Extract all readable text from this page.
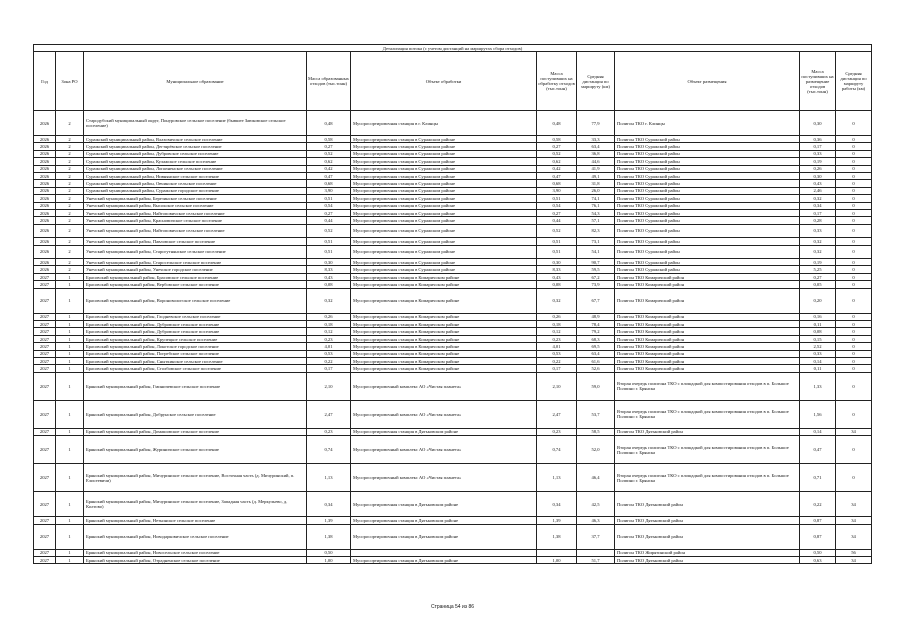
Детализация потока (с учетом дистанций на маршрутах сбора отходов)									
Год	Зона РО	Муниципальное образование	Масса образованных отходов (тыс.тонн)	Объект обработки	Масса поступивших на обработку отходов (тыс.тонн)	Средняя дистанция по маршруту (км)	Объект размещения	Масса поступивших на размещение отходов (тыс.тонн)	Средняя дистанция по маршруту работы (км)
2026	2	Стародубский муниципальный округ, Понуровское сельское поселение (бывшее Заюковское сельское поселение)	0,48	Мусоросортировочная станция в г. Клинцы	0,48	77,9	Полигон ТКО г. Клинцы	0,30	0
2026	2	Суражский муниципальный район, Влазовичское сельское поселение	0,58	Мусоросортировочная станция в Суражском районе	0,58	33,3	Полигон ТКО Суражский район	0,36	0
2026	2	Суражский муниципальный район, Дегтярёвское сельское поселение	0,27	Мусоросортировочная станция в Суражском районе	0,27	63,4	Полигон ТКО Суражский район	0,17	0
2026	2	Суражский муниципальный район, Дубровское сельское поселение	0,52	Мусоросортировочная станция в Суражском районе	0,52	36,8	Полигон ТКО Суражский район	0,33	0
2026	2	Суражский муниципальный район, Кулажское сельское поселение	0,62	Мусоросортировочная станция в Суражском районе	0,62	44,6	Полигон ТКО Суражский район	0,19	0
2026	2	Суражский муниципальный район, Лопазненское сельское поселение	0,42	Мусоросортировочная станция в Суражском районе	0,42	41,9	Полигон ТКО Суражский район	0,26	0
2026	2	Суражский муниципальный район, Нивнянское сельское поселение	0,47	Мусоросортировочная станция в Суражском районе	0,47	49,1	Полигон ТКО Суражский район	0,30	0
2026	2	Суражский муниципальный район, Овчинское сельское поселение	0,68	Мусоросортировочная станция в Суражском районе	0,68	31,8	Полигон ТКО Суражский район	0,43	0
2026	2	Суражский муниципальный район, Суражское городское поселение	3,90	Мусоросортировочная станция в Суражском районе	3,90	26,0	Полигон ТКО Суражский район	2,46	0
2026	2	Унечский муниципальный район, Березинское сельское поселение	0,51	Мусоросортировочная станция в Суражском районе	0,51	74,1	Полигон ТКО Суражский район	0,32	0
2026	2	Унечский муниципальный район, Высокское сельское поселение	0,54	Мусоросортировочная станция в Суражском районе	0,54	76,1	Полигон ТКО Суражский район	0,34	0
2026	2	Унечский муниципальный район, Найтоповичское сельское поселение	0,27	Мусоросортировочная станция в Суражском районе	0,27	54,3	Полигон ТКО Суражский район	0,17	0
2026	2	Унечский муниципальный район, Красновичское сельское поселение	0,44	Мусоросортировочная станция в Суражском районе	0,44	57,1	Полигон ТКО Суражский район	0,28	0
2026	2	Унечский муниципальный район, Найтоповичское сельское поселение	0,52	Мусоросортировочная станция в Суражском районе	0,52	82,3	Полигон ТКО Суражский район	0,33	0
2026	2	Унечский муниципальный район, Павловское сельское поселение	0,51	Мусоросортировочная станция в Суражском районе	0,51	73,1	Полигон ТКО Суражский район	0,32	0
2026	2	Унечский муниципальный район, Старогутнянское сельское поселение	0,51	Мусоросортировочная станция в Суражском районе	0,51	54,1	Полигон ТКО Суражский район	0,32	0
2026	2	Унечский муниципальный район, Старосельское сельское поселение	0,30	Мусоросортировочная станция в Суражском районе	0,30	90,7	Полигон ТКО Суражский район	0,19	0
2026	2	Унечский муниципальный район, Унечское городское поселение	8,33	Мусоросортировочная станция в Суражском районе	8,33	59,5	Полигон ТКО Суражский район	5,25	0
2027	1	Брасовский муниципальный район, Брасовское сельское поселение	0,43	Мусоросортировочная станция в Комаричском районе	0,43	67,2	Полигон ТКО Комаричский район	0,27	0
2027	1	Брасовский муниципальный район, Вербовское сельское поселение	0,08	Мусоросортировочная станция в Комаричском районе	0,08	73,9	Полигон ТКО Комаричский район	0,05	0
2027	1	Брасовский муниципальный район, Вороновологское сельское поселение	0,32	Мусоросортировочная станция в Комаричском районе	0,32	67,7	Полигон ТКО Комаричский район	0,20	0
2027	1	Брасовский муниципальный район, Глодневское сельское поселение	0,26	Мусоросортировочная станция в Комаричском районе	0,26	48,9	Полигон ТКО Комаричский район	0,16	0
2027	1	Брасовский муниципальный район, Дубровское сельское поселение	0,18	Мусоросортировочная станция в Комаричском районе	0,18	78,4	Полигон ТКО Комаричский район	0,11	0
2027	1	Брасовский муниципальный район, Дубровское сельское поселение	0,12	Мусоросортировочная станция в Комаричском районе	0,12	79,2	Полигон ТКО Комаричский район	0,08	0
2027	1	Брасовский муниципальный район, Крупецкое сельское поселение	0,23	Мусоросортировочная станция в Комаричском районе	0,23	68,3	Полигон ТКО Комаричский район	0,15	0
2027	1	Брасовский муниципальный район, Локотское городское поселение	4,01	Мусоросортировочная станция в Комаричском районе	4,01	69,5	Полигон ТКО Комаричский район	2,52	0
2027	1	Брасовский муниципальный район, Погребское сельское поселение	0,53	Мусоросортировочная станция в Комаричском районе	0,53	63,4	Полигон ТКО Комаричский район	0,33	0
2027	1	Брасовский муниципальный район, Сныткинское сельское поселение	0,22	Мусоросортировочная станция в Комаричском районе	0,22	61,6	Полигон ТКО Комаричский район	0,14	0
2027	1	Брасовский муниципальный район, Столбовское сельское поселение	0,17	Мусоросортировочная станция в Комаричском районе	0,17	52,6	Полигон ТКО Комаричский район	0,11	0
2027	1	Брянский муниципальный район, Гминичевское сельское поселение	2,10	Мусоросортировочный комплекс АО «Чистая планета»	2,10	59,0	Вторая очередь полигона ТКО с площадкой для компостирования отходов в п. Большое Полпино г. Брянска	1,33	0
2027	1	Брянский муниципальный район, Добрунское сельское поселение	2,47	Мусоросортировочный комплекс АО «Чистая планета»	2,47	53,7	Вторая очередь полигона ТКО с площадкой для компостирования отходов в п. Большое Полпино г. Брянска	1,56	0
2027	1	Брянский муниципальный район, Домашовское сельское поселение	0,23	Мусоросортировочная станция в Дятьковском районе	0,23	58,5	Полигон ТКО Дятьковский район	0,14	34
2027	1	Брянский муниципальный район, Журиничское сельское поселение	0,74	Мусоросортировочный комплекс АО «Чистая планета»	0,74	52,0	Вторая очередь полигона ТКО с площадкой для компостирования отходов в п. Большое Полпино г. Брянска	0,47	0
2027	1	Брянский муниципальный район, Мичуринское сельское поселение, Восточная часть (д. Мичуринский, п. Елисеевичи)	1,13	Мусоросортировочный комплекс АО «Чистая планета»	1,13	46,4	Вторая очередь полигона ТКО с площадкой для компостирования отходов в п. Большое Полпино г. Брянска	0,71	0
2027	1	Брянский муниципальный район, Мичуринское сельское поселение, Западная часть (д. Меркульево, д. Колтово)	0,34	Мусоросортировочная станция в Дятьковском районе	0,34	42,5	Полигон ТКО Дятьковский район	0,22	34
2027	1	Брянский муниципальный район, Нетьинское сельское поселение	1,39	Мусоросортировочная станция в Дятьковском районе	1,39	46,3	Полигон ТКО Дятьковский район	0,87	34
2027	1	Брянский муниципальный район, Новодарковичское сельское поселение	1,38	Мусоросортировочная станция в Дятьковском районе	1,38	37,7	Полигон ТКО Дятьковский район	0,87	34
2027	1	Брянский муниципальный район, Новосельское сельское поселение	0,50				Полигон ТКО Жирятинский район	0,50	56
2027	1	Брянский муниципальный район, Отрадненское сельское поселение	1,00	Мусоросортировочная станция в Дятьковском районе	1,00	51,7	Полигон ТКО Дятьковский район	0,63	34
Страница 54 из 86
